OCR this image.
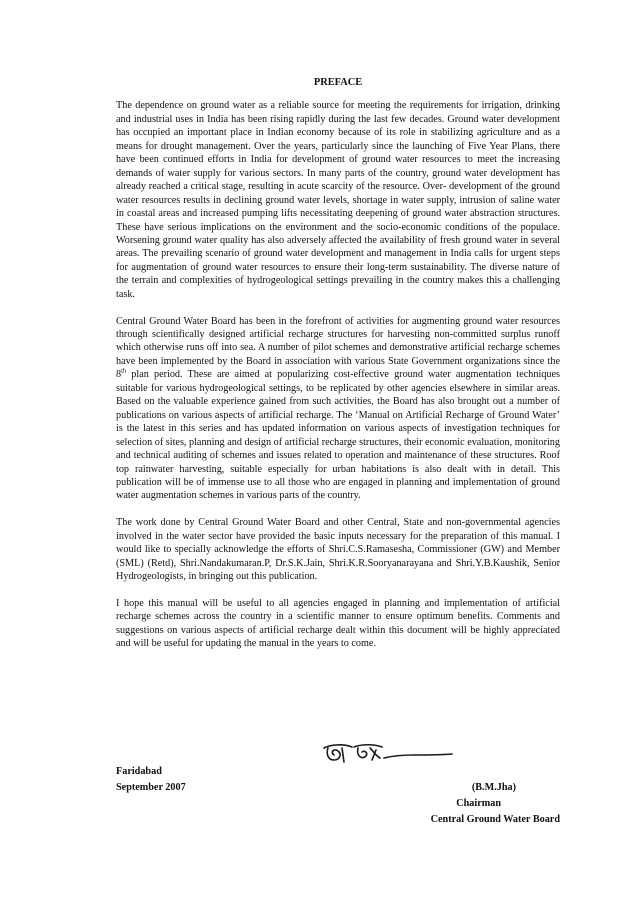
PREFACE

The dependence on ground water as a reliable source for meeting the requirements for irrigation, drinking and industrial uses in India has been rising rapidly during the last few decades. Ground water development has occupied an important place in Indian economy because of its role in stabilizing agriculture and as a means for drought management. Over the years, particularly since the launching of Five Year Plans, there have been continued efforts in India for development of ground water resources to meet the increasing demands of water supply for various sectors. In many parts of the country, ground water development has already reached a critical stage, resulting in acute scarcity of the resource. Over- development of the ground water resources results in declining ground water levels, shortage in water supply, intrusion of saline water in coastal areas and increased pumping lifts necessitating deepening of ground water abstraction structures. These have serious implications on the environment and the socio-economic conditions of the populace. Worsening ground water quality has also adversely affected the availability of fresh ground water in several areas. The prevailing scenario of ground water development and management in India calls for urgent steps for augmentation of ground water resources to ensure their long-term sustainability. The diverse nature of the terrain and complexities of hydrogeological settings prevailing in the country makes this a challenging task.

Central Ground Water Board has been in the forefront of activities for augmenting ground water resources through scientifically designed artificial recharge structures for harvesting non-committed surplus runoff which otherwise runs off into sea. A number of pilot schemes and demonstrative artificial recharge schemes have been implemented by the Board in association with various State Government organizations since the 8th plan period. These are aimed at popularizing cost-effective ground water augmentation techniques suitable for various hydrogeological settings, to be replicated by other agencies elsewhere in similar areas. Based on the valuable experience gained from such activities, the Board has also brought out a number of publications on various aspects of artificial recharge. The ‘Manual on Artificial Recharge of Ground Water’ is the latest in this series and has updated information on various aspects of investigation techniques for selection of sites, planning and design of artificial recharge structures, their economic evaluation, monitoring and technical auditing of schemes and issues related to operation and maintenance of these structures. Roof top rainwater harvesting, suitable especially for urban habitations is also dealt with in detail. This publication will be of immense use to all those who are engaged in planning and implementation of ground water augmentation schemes in various parts of the country.

The work done by Central Ground Water Board and other Central, State and non-governmental agencies involved in the water sector have provided the basic inputs necessary for the preparation of this manual. I would like to specially acknowledge the efforts of Shri.C.S.Ramasesha, Commissioner (GW) and Member (SML) (Retd), Shri.Nandakumaran.P, Dr.S.K.Jain, Shri.K.R.Sooryanarayana and Shri.Y.B.Kaushik, Senior Hydrogeologists, in bringing out this publication.

I hope this manual will be useful to all agencies engaged in planning and implementation of artificial recharge schemes across the country in a scientific manner to ensure optimum benefits. Comments and suggestions on various aspects of artificial recharge dealt within this document will be highly appreciated and will be useful for updating the manual in the years to come.

Faridabad
September 2007	(B.M.Jha)
Chairman
Central Ground Water Board
